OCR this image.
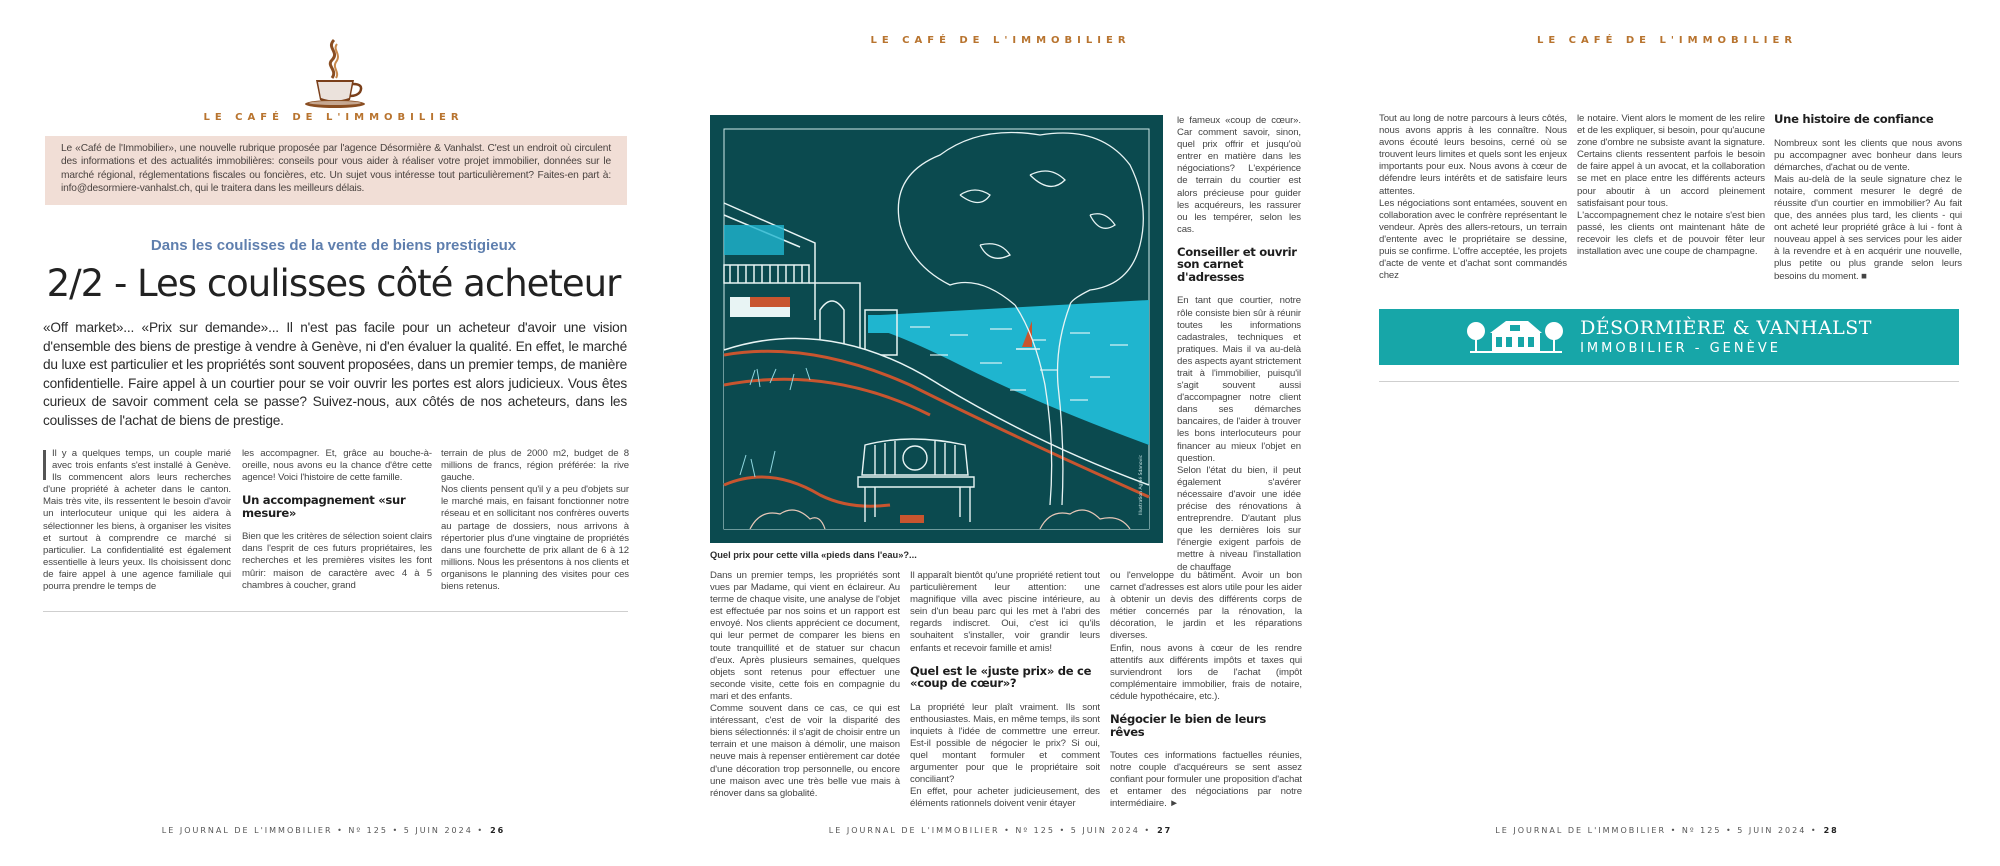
LE CAFÉ DE L'IMMOBILIER
Le «Café de l'Immobilier», une nouvelle rubrique proposée par l'agence Désormière & Vanhalst. C'est un endroit où circulent des informations et des actualités immobilières: conseils pour vous aider à réaliser votre projet immobilier, données sur le marché régional, réglementations fiscales ou foncières, etc. Un sujet vous intéresse tout particulièrement? Faites-en part à: info@desormiere-vanhalst.ch, qui le traitera dans les meilleurs délais.
Dans les coulisses de la vente de biens prestigieux
2/2 - Les coulisses côté acheteur

«Off market»... «Prix sur demande»... Il n'est pas facile pour un acheteur d'avoir une vision d'ensemble des biens de prestige à vendre à Genève, ni d'en évaluer la qualité. En effet, le marché du luxe est particulier et les propriétés sont souvent proposées, dans un premier temps, de manière confidentielle. Faire appel à un courtier pour se voir ouvrir les portes est alors judicieux. Vous êtes curieux de savoir comment cela se passe? Suivez-nous, aux côtés de nos acheteurs, dans les coulisses de l'achat de biens de prestige.

Il y a quelques temps, un couple marié avec trois enfants s'est installé à Genève. Ils commencent alors leurs recherches d'une propriété à acheter dans le canton. Mais très vite, ils ressentent le besoin d'avoir un interlocuteur unique qui les aidera à sélectionner les biens, à organiser les visites et surtout à comprendre ce marché si particulier. La confidentialité est également essentielle à leurs yeux. Ils choisissent donc de faire appel à une agence familiale qui pourra prendre le temps de

les accompagner. Et, grâce au bouche-à-oreille, nous avons eu la chance d'être cette agence! Voici l'histoire de cette famille.

Un accompagnement «sur mesure»

Bien que les critères de sélection soient clairs dans l'esprit de ces futurs propriétaires, les recherches et les premières visites les font mûrir: maison de caractère avec 4 à 5 chambres à coucher, grand

terrain de plus de 2000 m2, budget de 8 millions de francs, région préférée: la rive gauche.

Nos clients pensent qu'il y a peu d'objets sur le marché mais, en faisant fonctionner notre réseau et en sollicitant nos confrères ouverts au partage de dossiers, nous arrivons à répertorier plus d'une vingtaine de propriétés dans une fourchette de prix allant de 6 à 12 millions. Nous les présentons à nos clients et organisons le planning des visites pour ces biens retenus.

LE JOURNAL DE L'IMMOBILIER • Nº 125 • 5 JUIN 2024 • 26
LE CAFÉ DE L'IMMOBILIER
Illustration Aglaé Sdanovic
Quel prix pour cette villa «pieds dans l'eau»?...

le fameux «coup de cœur». Car comment savoir, sinon, quel prix offrir et jusqu'où entrer en matière dans les négociations? L'expérience de terrain du courtier est alors précieuse pour guider les acquéreurs, les rassurer ou les tempérer, selon les cas.

Conseiller et ouvrir son carnet d'adresses

En tant que courtier, notre rôle consiste bien sûr à réunir toutes les informations cadastrales, techniques et pratiques. Mais il va au-delà des aspects ayant strictement trait à l'immobilier, puisqu'il s'agit souvent aussi d'accompagner notre client dans ses démarches bancaires, de l'aider à trouver les bons interlocuteurs pour financer au mieux l'objet en question.

Selon l'état du bien, il peut également s'avérer nécessaire d'avoir une idée précise des rénovations à entreprendre. D'autant plus que les dernières lois sur l'énergie exigent parfois de mettre à niveau l'installation de chauffage

Dans un premier temps, les propriétés sont vues par Madame, qui vient en éclaireur. Au terme de chaque visite, une analyse de l'objet est effectuée par nos soins et un rapport est envoyé. Nos clients apprécient ce document, qui leur permet de comparer les biens en toute tranquillité et de statuer sur chacun d'eux. Après plusieurs semaines, quelques objets sont retenus pour effectuer une seconde visite, cette fois en compagnie du mari et des enfants.

Comme souvent dans ce cas, ce qui est intéressant, c'est de voir la disparité des biens sélectionnés: il s'agit de choisir entre un terrain et une maison à démolir, une maison neuve mais à repenser entièrement car dotée d'une décoration trop personnelle, ou encore une maison avec une très belle vue mais à rénover dans sa globalité.

Il apparaît bientôt qu'une propriété retient tout particulièrement leur attention: une magnifique villa avec piscine intérieure, au sein d'un beau parc qui les met à l'abri des regards indiscret. Oui, c'est ici qu'ils souhaitent s'installer, voir grandir leurs enfants et recevoir famille et amis!

Quel est le «juste prix» de ce «coup de cœur»?

La propriété leur plaît vraiment. Ils sont enthousiastes. Mais, en même temps, ils sont inquiets à l'idée de commettre une erreur. Est-il possible de négocier le prix? Si oui, quel montant formuler et comment argumenter pour que le propriétaire soit conciliant?

En effet, pour acheter judicieusement, des éléments rationnels doivent venir étayer

ou l'enveloppe du bâtiment. Avoir un bon carnet d'adresses est alors utile pour les aider à obtenir un devis des différents corps de métier concernés par la rénovation, la décoration, le jardin et les réparations diverses.

Enfin, nous avons à cœur de les rendre attentifs aux différents impôts et taxes qui surviendront lors de l'achat (impôt complémentaire immobilier, frais de notaire, cédule hypothécaire, etc.).

Négocier le bien de leurs rêves

Toutes ces informations factuelles réunies, notre couple d'acquéreurs se sent assez confiant pour formuler une proposition d'achat et entamer des négociations par notre intermédiaire. ►

LE JOURNAL DE L'IMMOBILIER • Nº 125 • 5 JUIN 2024 • 27
LE CAFÉ DE L'IMMOBILIER

Tout au long de notre parcours à leurs côtés, nous avons appris à les connaître. Nous avons écouté leurs besoins, cerné où se trouvent leurs limites et quels sont les enjeux importants pour eux. Nous avons à cœur de défendre leurs intérêts et de satisfaire leurs attentes.

Les négociations sont entamées, souvent en collaboration avec le confrère représentant le vendeur. Après des allers-retours, un terrain d'entente avec le propriétaire se dessine, puis se confirme. L'offre acceptée, les projets d'acte de vente et d'achat sont commandés chez

le notaire. Vient alors le moment de les relire et de les expliquer, si besoin, pour qu'aucune zone d'ombre ne subsiste avant la signature. Certains clients ressentent parfois le besoin de faire appel à un avocat, et la collaboration se met en place entre les différents acteurs pour aboutir à un accord pleinement satisfaisant pour tous.

L'accompagnement chez le notaire s'est bien passé, les clients ont maintenant hâte de recevoir les clefs et de pouvoir fêter leur installation avec une coupe de champagne.

Une histoire de confiance

Nombreux sont les clients que nous avons pu accompagner avec bonheur dans leurs démarches, d'achat ou de vente.

Mais au-delà de la seule signature chez le notaire, comment mesurer le degré de réussite d'un courtier en immobilier? Au fait que, des années plus tard, les clients - qui ont acheté leur propriété grâce à lui - font à nouveau appel à ses services pour les aider à la revendre et à en acquérir une nouvelle, plus petite ou plus grande selon leurs besoins du moment. ■

DÉSORMIÈRE & VANHALST
IMMOBILIER - GENÈVE
LE JOURNAL DE L'IMMOBILIER • Nº 125 • 5 JUIN 2024 • 28
